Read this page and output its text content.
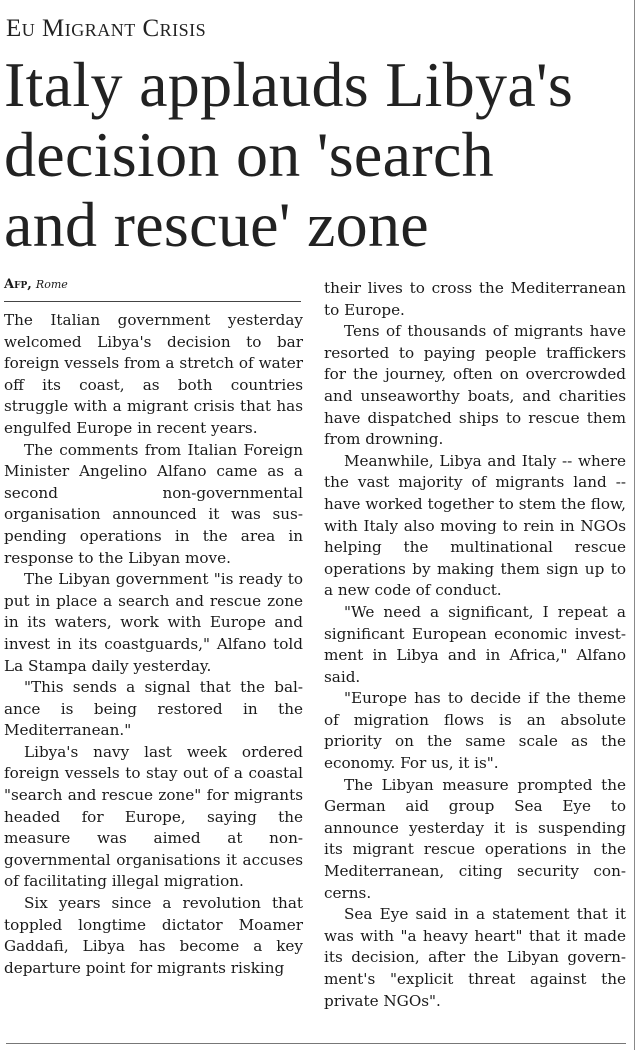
Eu Migrant Crisis
Italy applauds Libya's
decision on 'search
and rescue' zone
Afp, Rome

The Italian government yesterday welcomed Libya's decision to bar foreign vessels from a stretch of water off its coast, as both countries struggle with a migrant crisis that has engulfed Europe in recent years.

The comments from Italian Foreign Minister Angelino Alfano came as a second non-governmental organisation announced it was suspending operations in the area in response to the Libyan move.

The Libyan government "is ready to put in place a search and rescue zone in its waters, work with Europe and invest in its coastguards," Alfano told La Stampa daily yesterday.

"This sends a signal that the balance is being restored in the Mediterranean."

Libya's navy last week ordered foreign vessels to stay out of a coastal "search and rescue zone" for migrants headed for Europe, saying the measure was aimed at non-governmental organisations it accuses of facilitating illegal migration.

Six years since a revolution that toppled longtime dictator Moamer Gaddafi, Libya has become a key departure point for migrants risking

their lives to cross the Mediterranean to Europe.

Tens of thousands of migrants have resorted to paying people traffickers for the journey, often on overcrowded and unseaworthy boats, and charities have dispatched ships to rescue them from drowning.

Meanwhile, Libya and Italy -- where the vast majority of migrants land -- have worked together to stem the flow, with Italy also moving to rein in NGOs helping the multinational rescue operations by making them sign up to a new code of conduct.

"We need a significant, I repeat a significant European economic investment in Libya and in Africa," Alfano said.

"Europe has to decide if the theme of migration flows is an absolute priority on the same scale as the economy. For us, it is".

The Libyan measure prompted the German aid group Sea Eye to announce yesterday it is suspending its migrant rescue operations in the Mediterranean, citing security concerns.

Sea Eye said in a statement that it was with "a heavy heart" that it made its decision, after the Libyan government's "explicit threat against the private NGOs".
